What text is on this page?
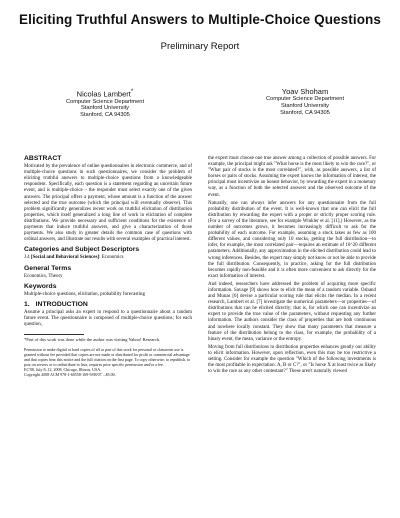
Eliciting Truthful Answers to Multiple-Choice Questions
Preliminary Report
Nicolas Lambert*
Computer Science Department
Stanford University
Stanford, CA 94305
Yoav Shoham
Computer Science Department
Stanford University
Stanford, CA 94305
ABSTRACT

Motivated by the prevalence of online questionnaires in electronic commerce, and of multiple-choice questions in such questionnaires, we consider the problem of eliciting truthful answers to multiple-choice questions from a knowledgeable respondent. Specifically, each question is a statement regarding an uncertain future event, and is multiple-choice – the responder must select exactly one of the given answers. The principal offers a payment, whose amount is a function of the answer selected and the true outcome (which the principal will eventually observe). This problem significantly generalizes recent work on truthful elicitation of distribution properties, which itself generalized a long line of work in elicitation of complete distributions. We provide necessary and sufficient conditions for the existence of payments that induce truthful answers, and give a characterization of those payments. We also study in greater details the common case of questions with ordinal answers, and illustrate our results with several examples of practical interest.

Categories and Subject Descriptors

J.4 [Social and Behavioral Sciences]: Economics

General Terms

Economics, Theory

Keywords

Multiple-choice questions, elicitation, probability forecasting

1. INTRODUCTION

Assume a principal asks an expert to respond to a questionnaire about a random future event. The questionnaire is composed of multiple-choice questions; for each question,

*Part of this work was done while the author was visiting Yahoo! Research.

Permission to make digital or hard copies of all or part of this work for personal or classroom use is granted without fee provided that copies are not made or distributed for profit or commercial advantage and that copies bear this notice and the full citation on the first page. To copy otherwise, to republish, to post on servers or to redistribute to lists, requires prior specific permission and/or a fee.
EC'08, July 8–12, 2008, Chicago, Illinois, USA.
Copyright 2008 ACM 978-1-60558-169-9/08/07 ...$5.00.

the expert must choose one true answer among a collection of possible answers. For example, the principal might ask "What horse is the most likely to win the race?", or "What pair of stocks is the most correlated?", with, as possible answers, a list of horses or pairs of stocks. Assuming the expert knows the information of interest, the principal must incentivize an honest behavior, by rewarding the expert in a monetary way, as a function of both the selected answers and the observed outcome of the event.

Naturally, one can always infer answers for any questionnaire from the full probability distribution of the event. It is well-known that one can elicit the full distribution by rewarding the expert with a proper or strictly proper scoring rule. (For a survey of the literature, see for example Winkler et al. [11].) However, as the number of outcomes grows, it becomes increasingly difficult to ask for the probability of each outcome. For example, assuming a stock takes as few as 100 different values, and considering only 10 stocks, getting the full distribution—to infer, for example, the most correlated pair—requires an estimate of 10^20 different parameters. Additionally, any approximation in the elicited distribution could lead to wrong inferences. Besides, the expert may simply not know or not be able to provide the full distribution. Consequently, in practice, asking for the full distribution becomes rapidly non-feasible and it is often more convenient to ask directly for the exact information of interest.

And indeed, researchers have addressed the problem of acquiring more specific information. Savage [9] shows how to elicit the mean of a random variable. Osband and Munas [6] devise a particular scoring rule that elicits the median. In a recent research, Lambert et al. [7] investigate the numerical parameters—or properties—of distributions that can be elicited directly; that is, for which one can incentivize an expert to provide the true value of the parameters, without requesting any further information. The authors consider the class of properties that are both continuous and nowhere locally constant. They show that many parameters that measure a feature of the distribution belong to the class, for example, the probability of a binary event, the mean, variance or the entropy.

Moving from full distributions to distribution properties enhances greatly our ability to elicit information. However, upon reflection, even this may be too restrictive a setting. Consider for example the question "Which of the following investments is the most profitable in expectation: A, B or C?", or "Is horse X at least twice as likely to win the race as any other contestant?" These aren't naturally viewed
